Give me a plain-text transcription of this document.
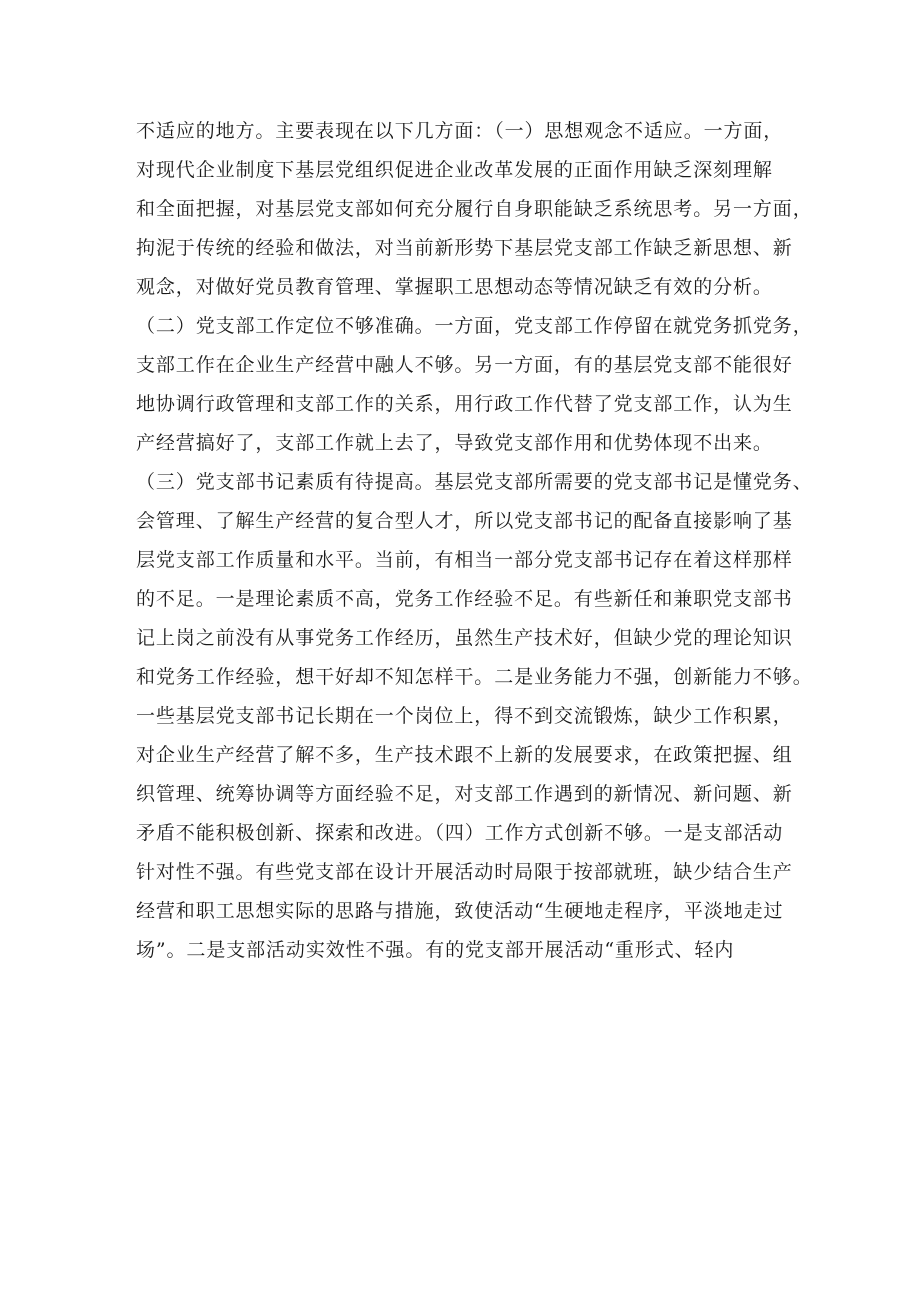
不适应的地方。主要表现在以下几方面：（一）思想观念不适应。一方面，
对现代企业制度下基层党组织促进企业改革发展的正面作用缺乏深刻理解
和全面把握，对基层党支部如何充分履行自身职能缺乏系统思考。另一方面，
拘泥于传统的经验和做法，对当前新形势下基层党支部工作缺乏新思想、新
观念，对做好党员教育管理、掌握职工思想动态等情况缺乏有效的分析。
（二）党支部工作定位不够准确。一方面，党支部工作停留在就党务抓党务，
支部工作在企业生产经营中融人不够。另一方面，有的基层党支部不能很好
地协调行政管理和支部工作的关系，用行政工作代替了党支部工作，认为生
产经营搞好了，支部工作就上去了，导致党支部作用和优势体现不出来。
（三）党支部书记素质有待提高。基层党支部所需要的党支部书记是懂党务、
会管理、了解生产经营的复合型人才，所以党支部书记的配备直接影响了基
层党支部工作质量和水平。当前，有相当一部分党支部书记存在着这样那样
的不足。一是理论素质不高，党务工作经验不足。有些新任和兼职党支部书
记上岗之前没有从事党务工作经历，虽然生产技术好，但缺少党的理论知识
和党务工作经验，想干好却不知怎样干。二是业务能力不强，创新能力不够。
一些基层党支部书记长期在一个岗位上，得不到交流锻炼，缺少工作积累，
对企业生产经营了解不多，生产技术跟不上新的发展要求，在政策把握、组
织管理、统筹协调等方面经验不足，对支部工作遇到的新情况、新问题、新
矛盾不能积极创新、探索和改进。（四）工作方式创新不够。一是支部活动
针对性不强。有些党支部在设计开展活动时局限于按部就班，缺少结合生产
经营和职工思想实际的思路与措施，致使活动“生硬地走程序，平淡地走过
场”。二是支部活动实效性不强。有的党支部开展活动“重形式、轻内
